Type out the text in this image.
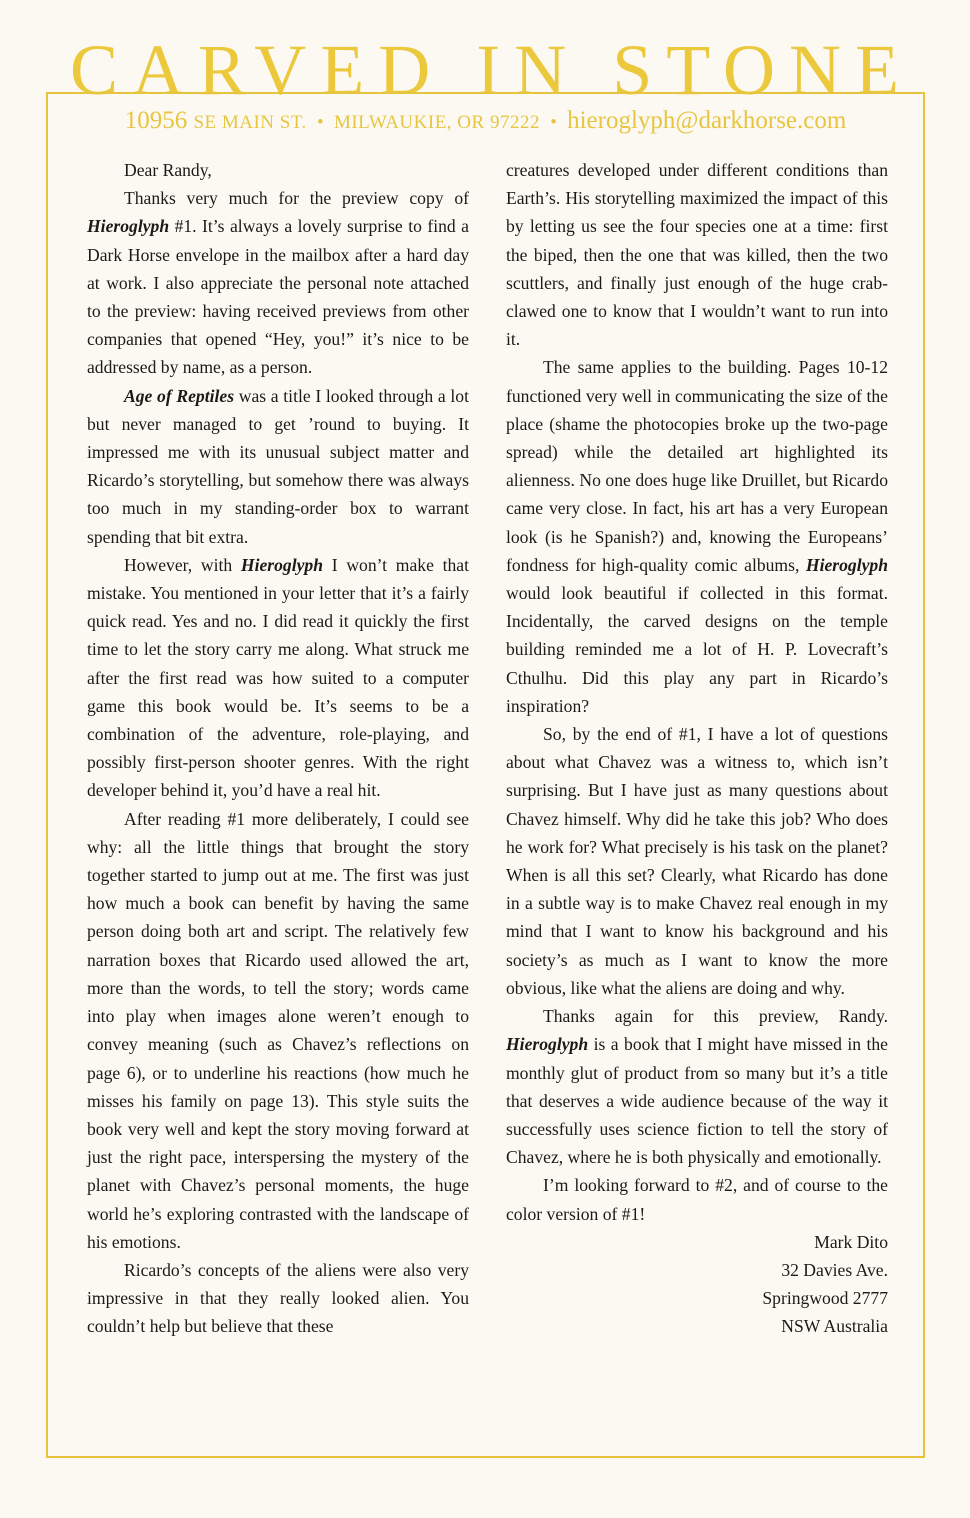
CARVED IN STONE
10956 SE MAIN ST. • MILWAUKIE, OR 97222 • hieroglyph@darkhorse.com

Dear Randy,

Thanks very much for the preview copy of Hieroglyph #1. It’s always a lovely surprise to find a Dark Horse envelope in the mailbox after a hard day at work. I also appreciate the personal note attached to the preview: having received previews from other companies that opened “Hey, you!” it’s nice to be addressed by name, as a person.

Age of Reptiles was a title I looked through a lot but never managed to get ’round to buying. It impressed me with its unusual subject matter and Ricardo’s storytelling, but somehow there was always too much in my standing-order box to warrant spending that bit extra.

However, with Hieroglyph I won’t make that mistake. You mentioned in your letter that it’s a fairly quick read. Yes and no. I did read it quickly the first time to let the story carry me along. What struck me after the first read was how suited to a computer game this book would be. It’s seems to be a combination of the adventure, role-playing, and possibly first-person shooter genres. With the right developer behind it, you’d have a real hit.

After reading #1 more deliberately, I could see why: all the little things that brought the story together started to jump out at me. The first was just how much a book can benefit by having the same person doing both art and script. The relatively few narration boxes that Ricardo used allowed the art, more than the words, to tell the story; words came into play when images alone weren’t enough to convey meaning (such as Chavez’s reflections on page 6), or to underline his reactions (how much he misses his family on page 13). This style suits the book very well and kept the story moving forward at just the right pace, interspersing the mystery of the planet with Chavez’s personal moments, the huge world he’s exploring contrasted with the landscape of his emotions.

Ricardo’s concepts of the aliens were also very impressive in that they really looked alien. You couldn’t help but believe that these

creatures developed under different conditions than Earth’s. His storytelling maximized the impact of this by letting us see the four species one at a time: first the biped, then the one that was killed, then the two scuttlers, and finally just enough of the huge crab-clawed one to know that I wouldn’t want to run into it.

The same applies to the building. Pages 10-12 functioned very well in communicating the size of the place (shame the photocopies broke up the two-page spread) while the detailed art highlighted its alienness. No one does huge like Druillet, but Ricardo came very close. In fact, his art has a very European look (is he Spanish?) and, knowing the Europeans’ fondness for high-quality comic albums, Hieroglyph would look beautiful if collected in this format. Incidentally, the carved designs on the temple building reminded me a lot of H. P. Lovecraft’s Cthulhu. Did this play any part in Ricardo’s inspiration?

So, by the end of #1, I have a lot of questions about what Chavez was a witness to, which isn’t surprising. But I have just as many questions about Chavez himself. Why did he take this job? Who does he work for? What precisely is his task on the planet? When is all this set? Clearly, what Ricardo has done in a subtle way is to make Chavez real enough in my mind that I want to know his background and his society’s as much as I want to know the more obvious, like what the aliens are doing and why.

Thanks again for this preview, Randy. Hieroglyph is a book that I might have missed in the monthly glut of product from so many but it’s a title that deserves a wide audience because of the way it successfully uses science fiction to tell the story of Chavez, where he is both physically and emotionally.

I’m looking forward to #2, and of course to the color version of #1!

Mark Dito
32 Davies Ave.
Springwood 2777
NSW Australia
